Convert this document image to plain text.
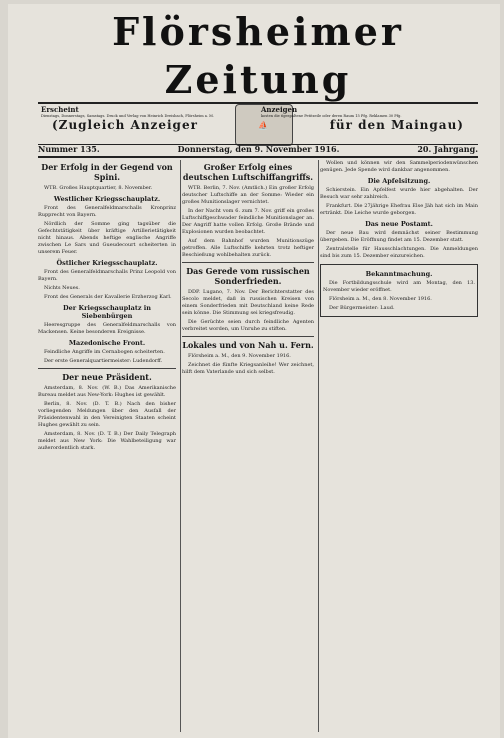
Flörsheimer Zeitung
(Zugleich Anzeiger	⛵	für den Maingau)
Erscheint
Dienstags, Donnerstags, Samstags. Druck und Verlag von Heinrich Dreisbach, Flörsheim a. M.
Anzeigen
kosten die 6gespaltene Petitzeile oder deren Raum 15 Pfg. Reklamen 30 Pfg.
Nummer 135.	Donnerstag, den 9. November 1916.	20. Jahrgang.
Der Erfolg in der Gegend von Spini.

WTB. Großes Hauptquartier, 8. November.

Westlicher Kriegsschauplatz.

Front des Generalfeldmarschalls Kronprinz Rupprecht von Bayern.

Nördlich der Somme ging tagsüber die Gefechtstätigkeit über kräftige Artillerietätigkeit nicht hinaus. Abends heftige englische Angriffe zwischen Le Sars und Gueudecourt scheiterten in unserem Feuer.

Östlicher Kriegsschauplatz.

Front des Generalfeldmarschalls Prinz Leopold von Bayern.

Nichts Neues.

Front des Generals der Kavallerie Erzherzog Karl.

Der Kriegsschauplatz in Siebenbürgen

Heeresgruppe des Generalfeldmarschalls von Mackensen. Keine besonderen Ereignisse.

Mazedonische Front.

Feindliche Angriffe im Cernabogen scheiterten.

Der erste Generalquartiermeister: Ludendorff.

Der neue Präsident.

Amsterdam, 8. Nov. (W. B.) Das Amerikanische Bureau meldet aus New-York: Hughes ist gewählt.

Berlin, 8. Nov. (D. T. B.) Nach den bisher vorliegenden Meldungen über den Ausfall der Präsidentenwahl in den Vereinigten Staaten scheint Hughes gewählt zu sein.

Amsterdam, 8. Nov. (D. T. B.) Der Daily Telegraph meldet aus New York: Die Wahlbeteiligung war außerordentlich stark.

Großer Erfolg eines deutschen Luftschiffangriffs.

WTB. Berlin, 7. Nov. (Amtlich.) Ein großer Erfolg deutscher Luftschiffe an der Somme: Wieder ein großes Munitionslager vernichtet.

In der Nacht vom 6. zum 7. Nov. griff ein großes Luftschiffgeschwader feindliche Munitionslager an. Der Angriff hatte vollen Erfolg. Große Brände und Explosionen wurden beobachtet.

Auf dem Bahnhof wurden Munitionszüge getroffen. Alle Luftschiffe kehrten trotz heftiger Beschießung wohlbehalten zurück.

Das Gerede vom russischen Sonderfrieden.

DDP. Lugano, 7. Nov. Der Berichterstatter des Secolo meldet, daß in russischen Kreisen von einem Sonderfrieden mit Deutschland keine Rede sein könne. Die Stimmung sei kriegsfreudig.

Die Gerüchte seien durch feindliche Agenten verbreitet worden, um Unruhe zu stiften.

Lokales und von Nah u. Fern.

Flörsheim a. M., den 9. November 1916.

Zeichnet die fünfte Kriegsanleihe! Wer zeichnet, hilft dem Vaterlande und sich selbst.

Wollen und können wir den Sammelperiodenwünschen genügen. Jede Spende wird dankbar angenommen.

Die Apfelsitzung.

Schierstein. Ein Apfelfest wurde hier abgehalten. Der Besuch war sehr zahlreich.

Frankfurt. Die 27jährige Ehefrau Else Jäh hat sich im Main ertränkt. Die Leiche wurde geborgen.

Das neue Postamt.

Der neue Bau wird demnächst seiner Bestimmung übergeben. Die Eröffnung findet am 15. Dezember statt.

Zentralstelle für Hausschlachtungen. Die Anmeldungen sind bis zum 15. Dezember einzureichen.

Bekanntmachung.

Die Fortbildungsschule wird am Montag, den 13. November wieder eröffnet.

Flörsheim a. M., den 8. November 1916.

Der Bürgermeister: Laud.
